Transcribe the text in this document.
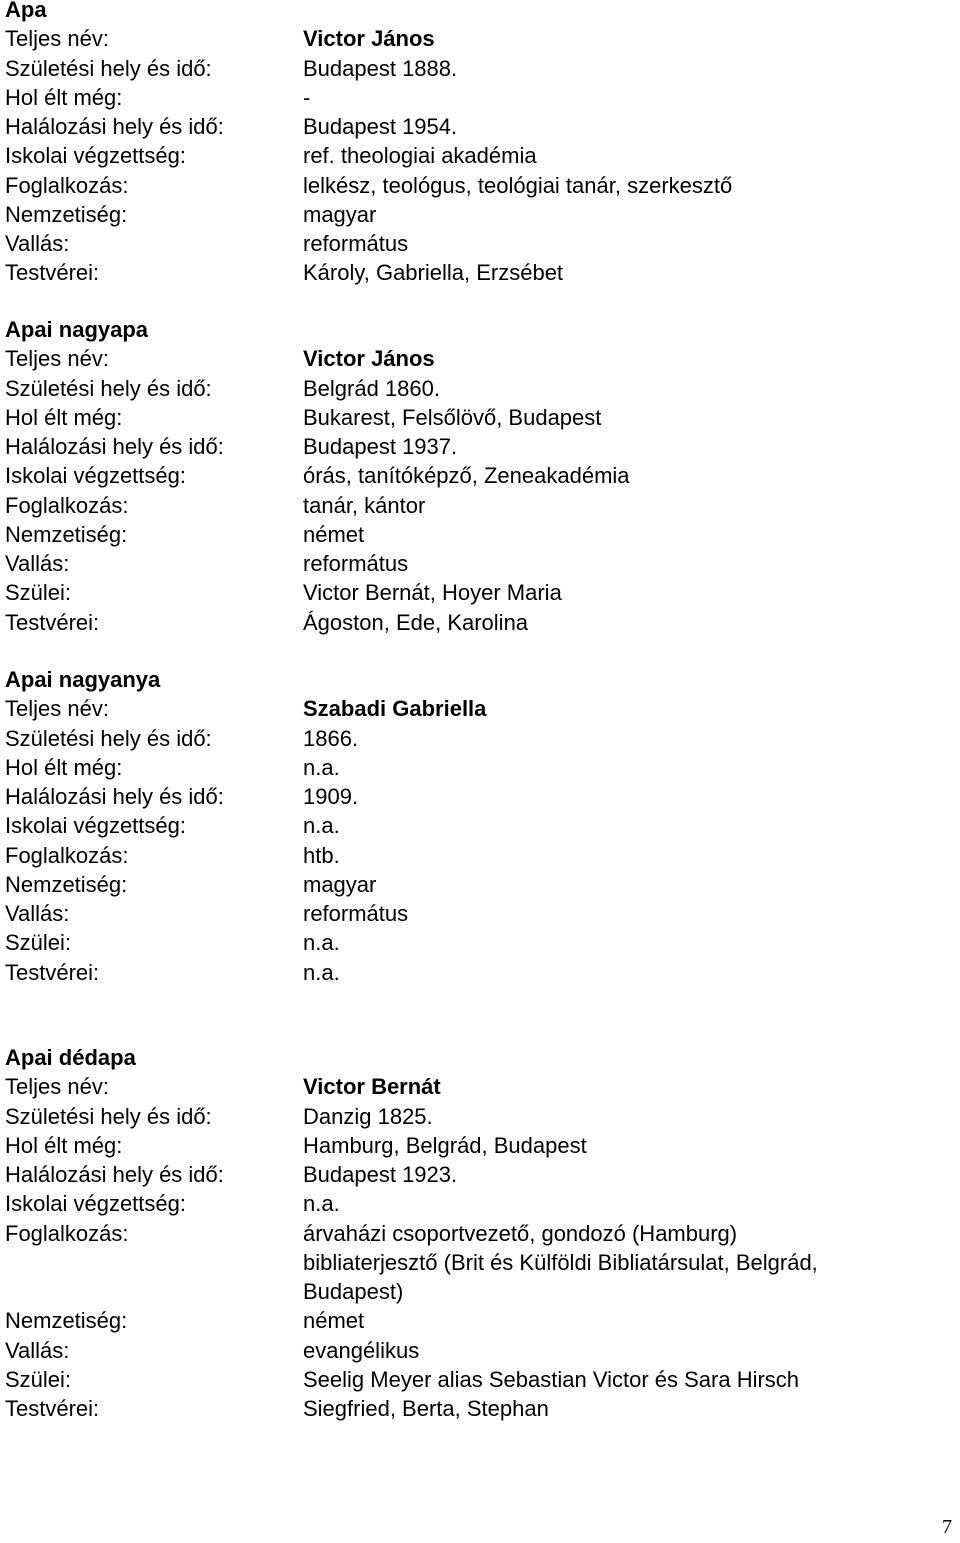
Apa
Teljes név:	Victor János
Születési hely és idő:	Budapest 1888.
Hol élt még:	-
Halálozási hely és idő:	Budapest 1954.
Iskolai végzettség:	ref. theologiai akadémia
Foglalkozás:	lelkész, teológus, teológiai tanár, szerkesztő
Nemzetiség:	magyar
Vallás:	református
Testvérei:	Károly, Gabriella, Erzsébet
Apai nagyapa
Teljes név:	Victor János
Születési hely és idő:	Belgrád 1860.
Hol élt még:	Bukarest, Felsőlövő, Budapest
Halálozási hely és idő:	Budapest 1937.
Iskolai végzettség:	órás, tanítóképző, Zeneakadémia
Foglalkozás:	tanár, kántor
Nemzetiség:	német
Vallás:	református
Szülei:	Victor Bernát, Hoyer Maria
Testvérei:	Ágoston, Ede, Karolina
Apai nagyanya
Teljes név:	Szabadi Gabriella
Születési hely és idő:	1866.
Hol élt még:	n.a.
Halálozási hely és idő:	1909.
Iskolai végzettség:	n.a.
Foglalkozás:	htb.
Nemzetiség:	magyar
Vallás:	református
Szülei:	n.a.
Testvérei:	n.a.
Apai dédapa
Teljes név:	Victor Bernát
Születési hely és idő:	Danzig 1825.
Hol élt még:	Hamburg, Belgrád, Budapest
Halálozási hely és idő:	Budapest 1923.
Iskolai végzettség:	n.a.
Foglalkozás:	árvaházi csoportvezető, gondozó (Hamburg)
bibliaterjesztő (Brit és Külföldi Bibliatársulat, Belgrád,
Budapest)
Nemzetiség:	német
Vallás:	evangélikus
Szülei:	Seelig Meyer alias Sebastian Victor és Sara Hirsch
Testvérei:	Siegfried, Berta, Stephan
7
